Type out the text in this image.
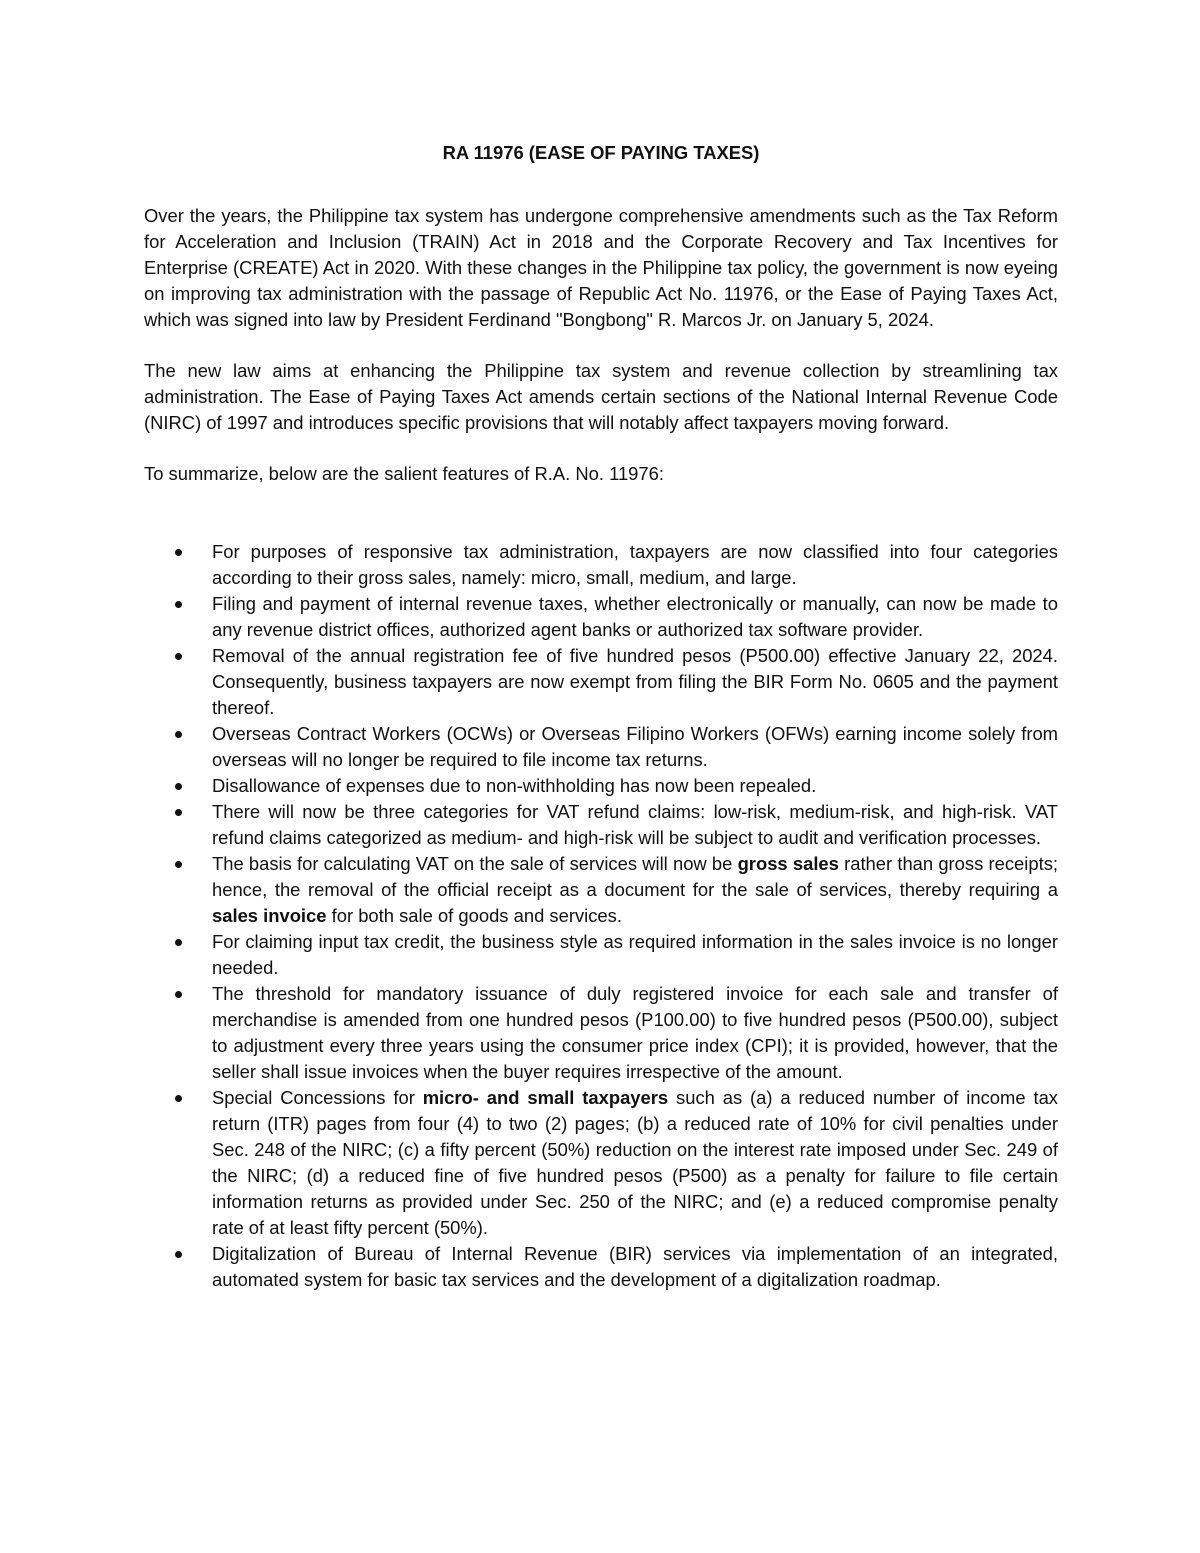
RA 11976 (EASE OF PAYING TAXES)

Over the years, the Philippine tax system has undergone comprehensive amendments such as the Tax Reform for Acceleration and Inclusion (TRAIN) Act in 2018 and the Corporate Recovery and Tax Incentives for Enterprise (CREATE) Act in 2020. With these changes in the Philippine tax policy, the government is now eyeing on improving tax administration with the passage of Republic Act No. 11976, or the Ease of Paying Taxes Act, which was signed into law by President Ferdinand "Bongbong" R. Marcos Jr. on January 5, 2024.

The new law aims at enhancing the Philippine tax system and revenue collection by streamlining tax administration. The Ease of Paying Taxes Act amends certain sections of the National Internal Revenue Code (NIRC) of 1997 and introduces specific provisions that will notably affect taxpayers moving forward.

To summarize, below are the salient features of R.A. No. 11976:

For purposes of responsive tax administration, taxpayers are now classified into four categories according to their gross sales, namely: micro, small, medium, and large.
Filing and payment of internal revenue taxes, whether electronically or manually, can now be made to any revenue district offices, authorized agent banks or authorized tax software provider.
Removal of the annual registration fee of five hundred pesos (P500.00) effective January 22, 2024. Consequently, business taxpayers are now exempt from filing the BIR Form No. 0605 and the payment thereof.
Overseas Contract Workers (OCWs) or Overseas Filipino Workers (OFWs) earning income solely from overseas will no longer be required to file income tax returns.
Disallowance of expenses due to non-withholding has now been repealed.
There will now be three categories for VAT refund claims: low-risk, medium-risk, and high-risk. VAT refund claims categorized as medium- and high-risk will be subject to audit and verification processes.
The basis for calculating VAT on the sale of services will now be gross sales rather than gross receipts; hence, the removal of the official receipt as a document for the sale of services, thereby requiring a sales invoice for both sale of goods and services.
For claiming input tax credit, the business style as required information in the sales invoice is no longer needed.
The threshold for mandatory issuance of duly registered invoice for each sale and transfer of merchandise is amended from one hundred pesos (P100.00) to five hundred pesos (P500.00), subject to adjustment every three years using the consumer price index (CPI); it is provided, however, that the seller shall issue invoices when the buyer requires irrespective of the amount.
Special Concessions for micro- and small taxpayers such as (a) a reduced number of income tax return (ITR) pages from four (4) to two (2) pages; (b) a reduced rate of 10% for civil penalties under Sec. 248 of the NIRC; (c) a fifty percent (50%) reduction on the interest rate imposed under Sec. 249 of the NIRC; (d) a reduced fine of five hundred pesos (P500) as a penalty for failure to file certain information returns as provided under Sec. 250 of the NIRC; and (e) a reduced compromise penalty rate of at least fifty percent (50%).
Digitalization of Bureau of Internal Revenue (BIR) services via implementation of an integrated, automated system for basic tax services and the development of a digitalization roadmap.
